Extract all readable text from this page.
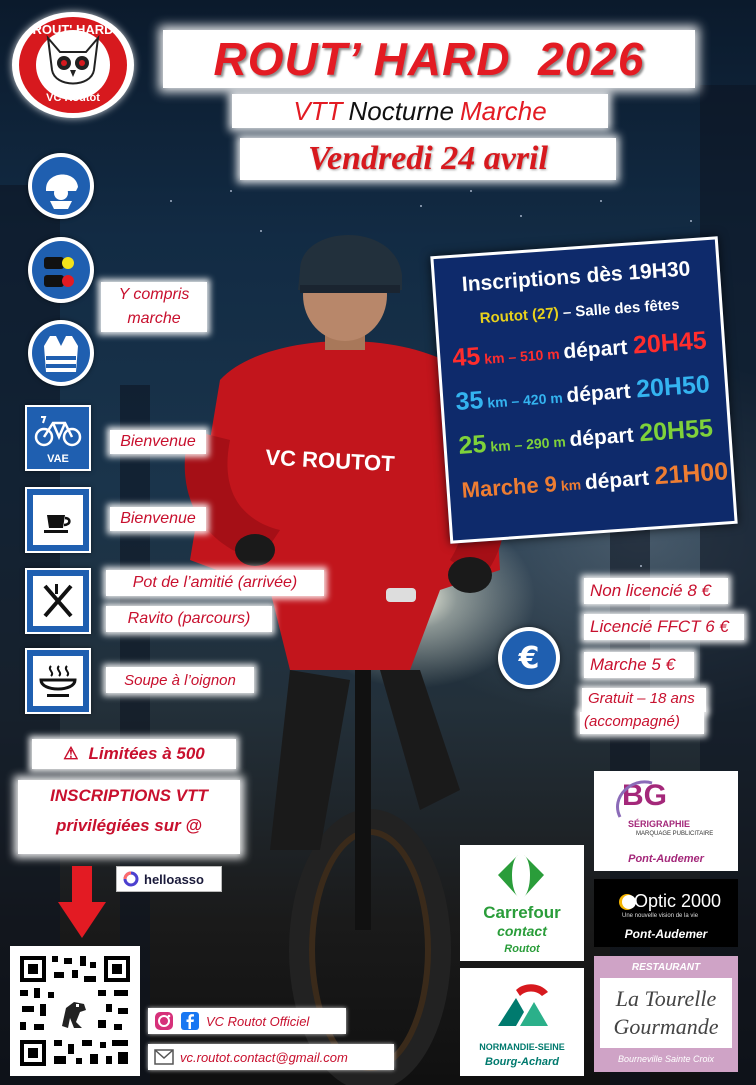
VC ROUTOT
ROUT' HARD
VC Routot
ROUT’ HARD  2026
VTT Nocturne Marche
Vendredi 24 avril
Y compris
marche
VAE
Bienvenue
Bienvenue
Pot de l’amitié (arrivée)
Ravito (parcours)
Soupe à l’oignon
Inscriptions dès 19H30
Routot (27) – Salle des fêtes
45 km – 510 m départ 20H45
35 km – 420 m départ 20H50
25 km – 290 m départ 20H55
Marche 9 km départ 21H00
Non licencié 8 €
Licencié FFCT 6 €
Marche 5 €
Gratuit – 18 ans
(accompagné)
€
⚠ Limitées à 500
INSCRIPTIONS VTT
privilégiées sur @
helloasso
VC Routot Officiel
vc.routot.contact@gmail.com
BG
SÉRIGRAPHIE
MARQUAGE PUBLICITAIRE
Pont-Audemer
Carrefour
contact
Routot
Optic 2000
Une nouvelle vision de la vie
Pont-Audemer
NORMANDIE-SEINE
Bourg-Achard
RESTAURANT
La Tourelle
Gourmande
Bourneville Sainte Croix
